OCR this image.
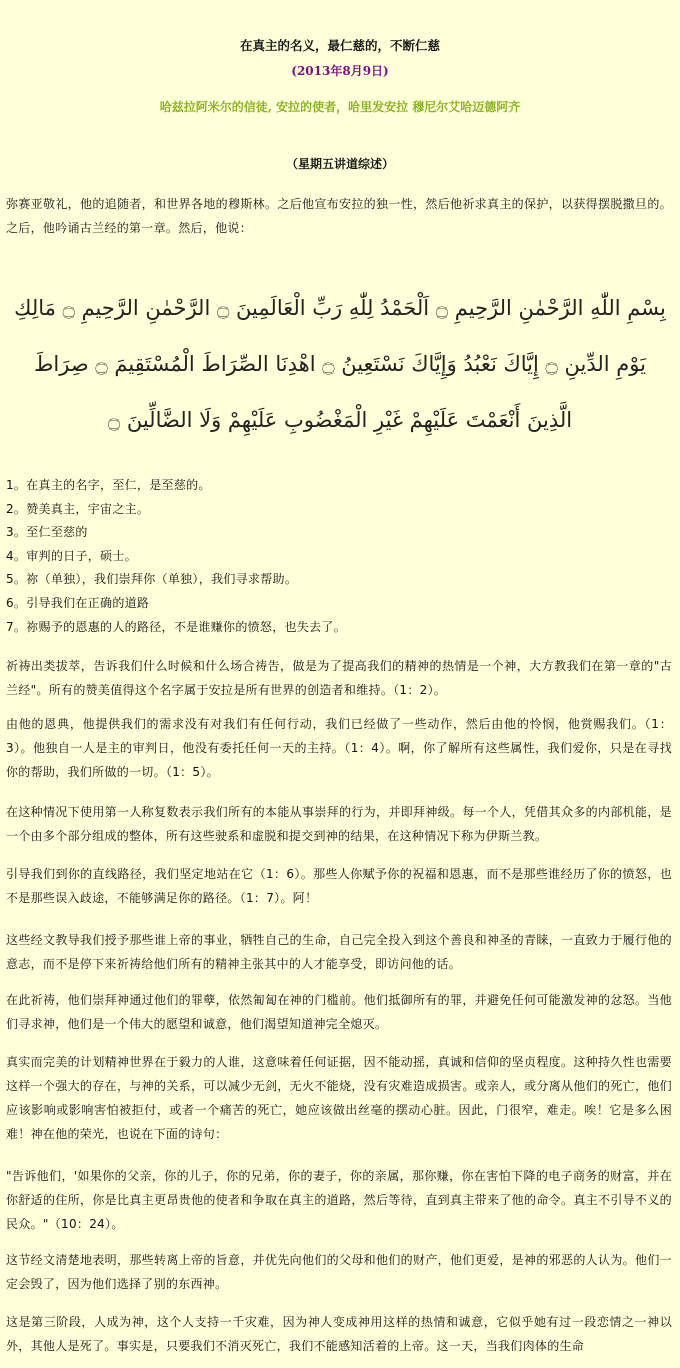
在真主的名义，最仁慈的，不断仁慈
(2013年8月9日)
哈兹拉阿米尔的信徒, 安拉的使者，哈里发安拉 穆尼尔艾哈迈德阿齐
（星期五讲道综述）

弥赛亚敬礼，他的追随者，和世界各地的穆斯林。之后他宣布安拉的独一性，然后他祈求真主的保护，以获得摆脱撒旦的。之后，他吟诵古兰经的第一章。然后，他说：

بِسْمِ اللّٰهِ الرَّحْمٰنِ الرَّحِيمِ ۝ اَلْحَمْدُ لِلّٰهِ رَبِّ الْعَالَمِينَ ۝ الرَّحْمٰنِ الرَّحِيمِ ۝ مَالِكِ يَوْمِ الدِّينِ ۝ إِيَّاكَ نَعْبُدُ وَإِيَّاكَ نَسْتَعِينُ ۝ اهْدِنَا الصِّرَاطَ الْمُسْتَقِيمَ ۝ صِرَاطَ الَّذِينَ أَنْعَمْتَ عَلَيْهِمْ غَيْرِ الْمَغْضُوبِ عَلَيْهِمْ وَلَا الضَّالِّينَ ۝
1。在真主的名字，至仁，是至慈的。
2。赞美真主，宇宙之主。
3。至仁至慈的
4。审判的日子，硕士。
5。祢（单独），我们崇拜你（单独），我们寻求帮助。
6。引导我们在正确的道路
7。祢赐予的恩惠的人的路径，不是谁赚你的愤怒，也失去了。

祈祷出类拔萃，告诉我们什么时候和什么场合祷告，做是为了提高我们的精神的热情是一个神，大方教我们在第一章的"古兰经"。所有的赞美值得这个名字属于安拉是所有世界的创造者和维持。（1：2）。

由他的恩典，他提供我们的需求没有对我们有任何行动，我们已经做了一些动作，然后由他的怜悯，他赏赐我们。（1：3）。他独自一人是主的审判日，他没有委托任何一天的主持。（1：4）。啊，你了解所有这些属性，我们爱你，只是在寻找你的帮助，我们所做的一切。（1：5）。

在这种情况下使用第一人称复数表示我们所有的本能从事崇拜的行为，并即拜神级。每一个人，凭借其众多的内部机能，是一个由多个部分组成的整体，所有这些驶系和虚脱和提交到神的结果，在这种情况下称为伊斯兰教。

引导我们到你的直线路径，我们坚定地站在它（1：6）。那些人你赋予你的祝福和恩惠，而不是那些谁经历了你的愤怒，也不是那些误入歧途，不能够满足你的路径。（1：7）。阿！

这些经文教导我们授予那些谁上帝的事业，牺牲自己的生命，自己完全投入到这个善良和神圣的青睐，一直致力于履行他的意志，而不是停下来祈祷给他们所有的精神主张其中的人才能享受，即访问他的话。

在此祈祷，他们崇拜神通过他们的罪孽，依然匍匐在神的门槛前。他们抵御所有的罪，并避免任何可能激发神的忿怒。当他们寻求神，他们是一个伟大的愿望和诚意，他们渴望知道神完全熄灭。

真实而完美的计划精神世界在于毅力的人谁，这意味着任何证据，因不能动摇，真诚和信仰的坚贞程度。这种持久性也需要这样一个强大的存在，与神的关系，可以减少无剑，无火不能烧，没有灾难造成损害。或亲人，或分离从他们的死亡，他们应该影响或影响害怕被拒付，或者一个痛苦的死亡，她应该做出丝毫的摆动心脏。因此，门很窄，难走。唉！它是多么困难！神在他的荣光，也说在下面的诗句：

"告诉他们，'如果你的父亲，你的儿子，你的兄弟，你的妻子，你的亲属，那你赚，你在害怕下降的电子商务的财富，并在你舒适的住所，你是比真主更昂贵他的使者和争取在真主的道路，然后等待，直到真主带来了他的命令。真主不引导不义的民众。"（10：24）。

这节经文清楚地表明，那些转离上帝的旨意，并优先向他们的父母和他们的财产，他们更爱，是神的邪恶的人认为。他们一定会毁了，因为他们选择了别的东西神。

这是第三阶段，人成为神，这个人支持一千灾难，因为神人变成神用这样的热情和诚意，它似乎她有过一段恋情之一神以外，其他人是死了。事实是，只要我们不消灭死亡，我们不能感知活着的上帝。这一天，当我们肉体的生命
